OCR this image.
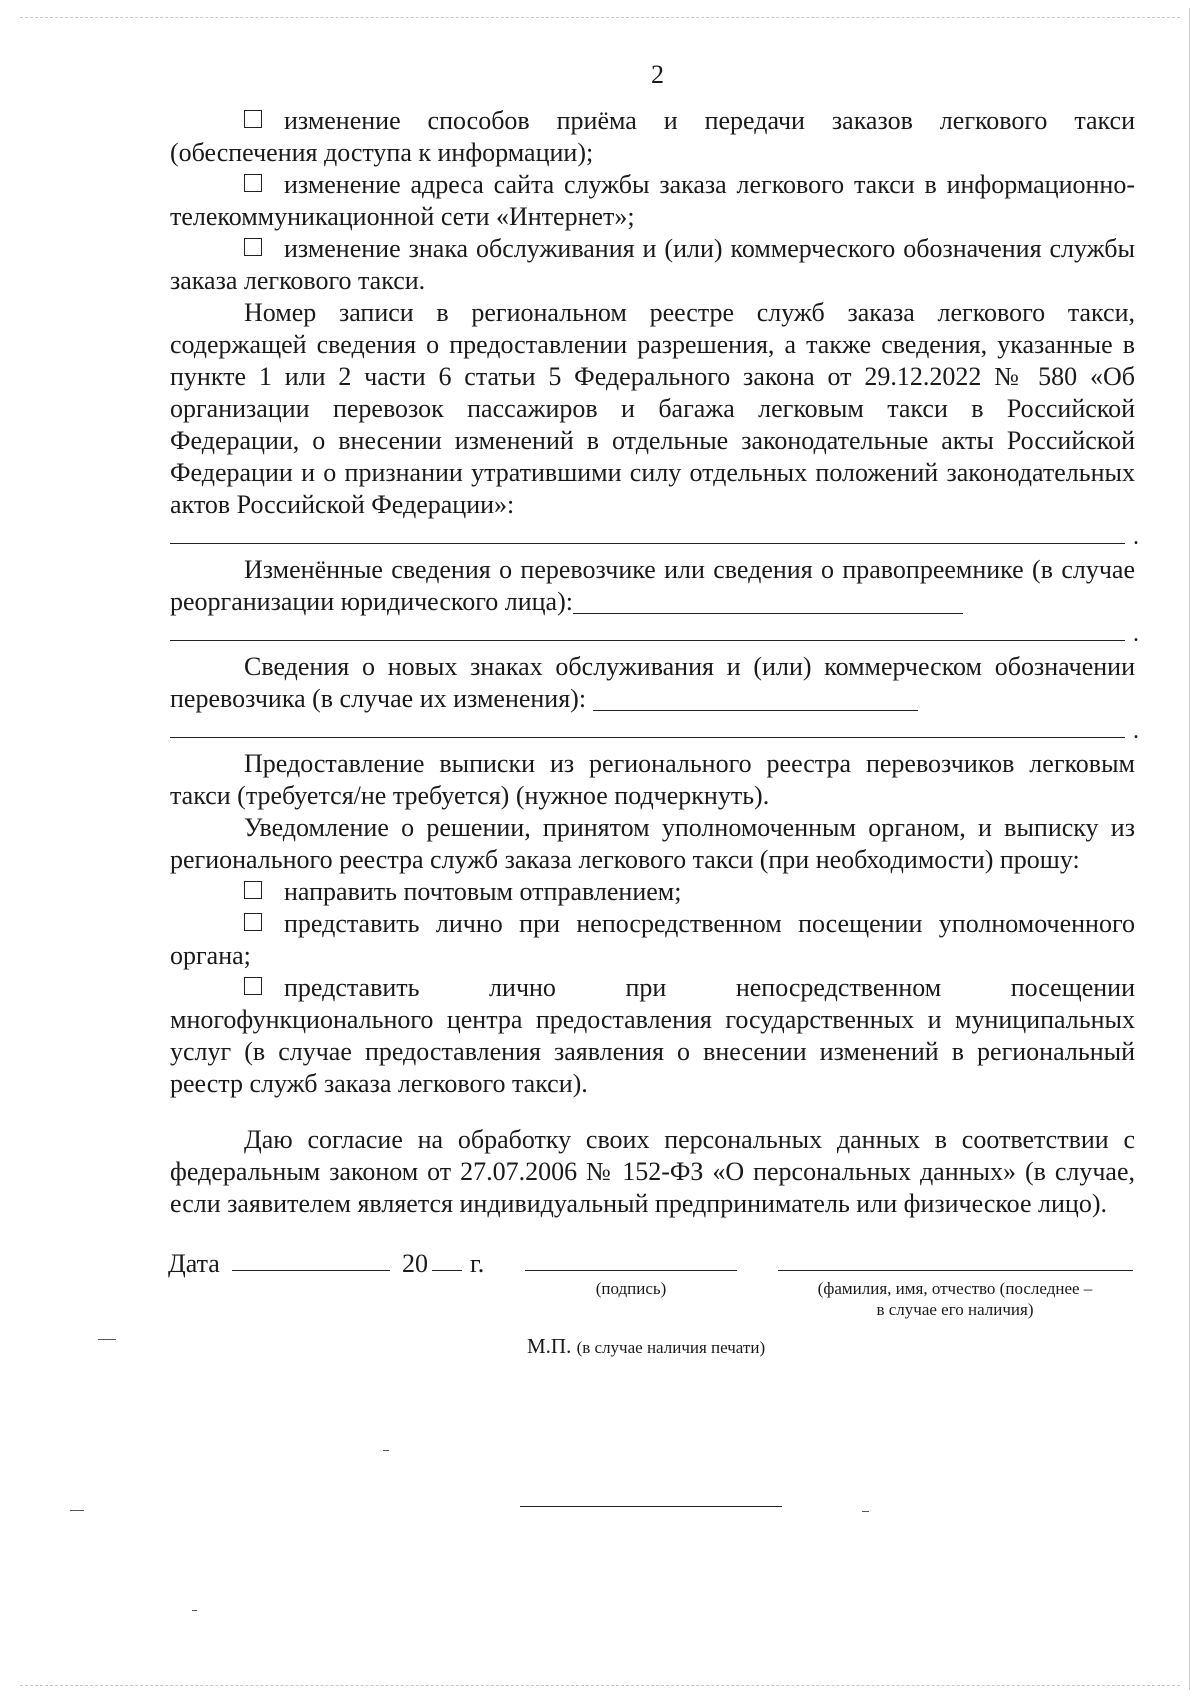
2

изменение способов приёма и передачи заказов легкового такси (обеспечения доступа к информации);

изменение адреса сайта службы заказа легкового такси в информационно-телекоммуникационной сети «Интернет»;

изменение знака обслуживания и (или) коммерческого обозначения службы заказа легкового такси.

Номер записи в региональном реестре служб заказа легкового такси, содержащей сведения о предоставлении разрешения, а также сведения, указанные в пункте 1 или 2 части 6 статьи 5 Федерального закона от 29.12.2022 № 580 «Об организации перевозок пассажиров и багажа легковым такси в Российской Федерации, о внесении изменений в отдельные законодательные акты Российской Федерации и о признании утратившими силу отдельных положений законодательных актов Российской Федерации»:

.

Изменённые сведения о перевозчике или сведения о правопреемнике (в случае реорганизации юридического лица):

.

Сведения о новых знаках обслуживания и (или) коммерческом обозначении перевозчика (в случае их изменения):

.

Предоставление выписки из регионального реестра перевозчиков легковым такси (требуется/не требуется) (нужное подчеркнуть).

Уведомление о решении, принятом уполномоченным органом, и выписку из регионального реестра служб заказа легкового такси (при необходимости) прошу:

направить почтовым отправлением;

представить лично при непосредственном посещении уполномоченного органа;

представить лично при непосредственном посещении многофункционального центра предоставления государственных и муниципальных услуг (в случае предоставления заявления о внесении изменений в региональный реестр служб заказа легкового такси).

Даю согласие на обработку своих персональных данных в соответствии с федеральным законом от 27.07.2006 № 152-ФЗ «О персональных данных» (в случае, если заявителем является индивидуальный предприниматель или физическое лицо).

Дата	20 г.
(подпись)	(фамилия, имя, отчество (последнее –
в случае его наличия)
М.П. (в случае наличия печати)
